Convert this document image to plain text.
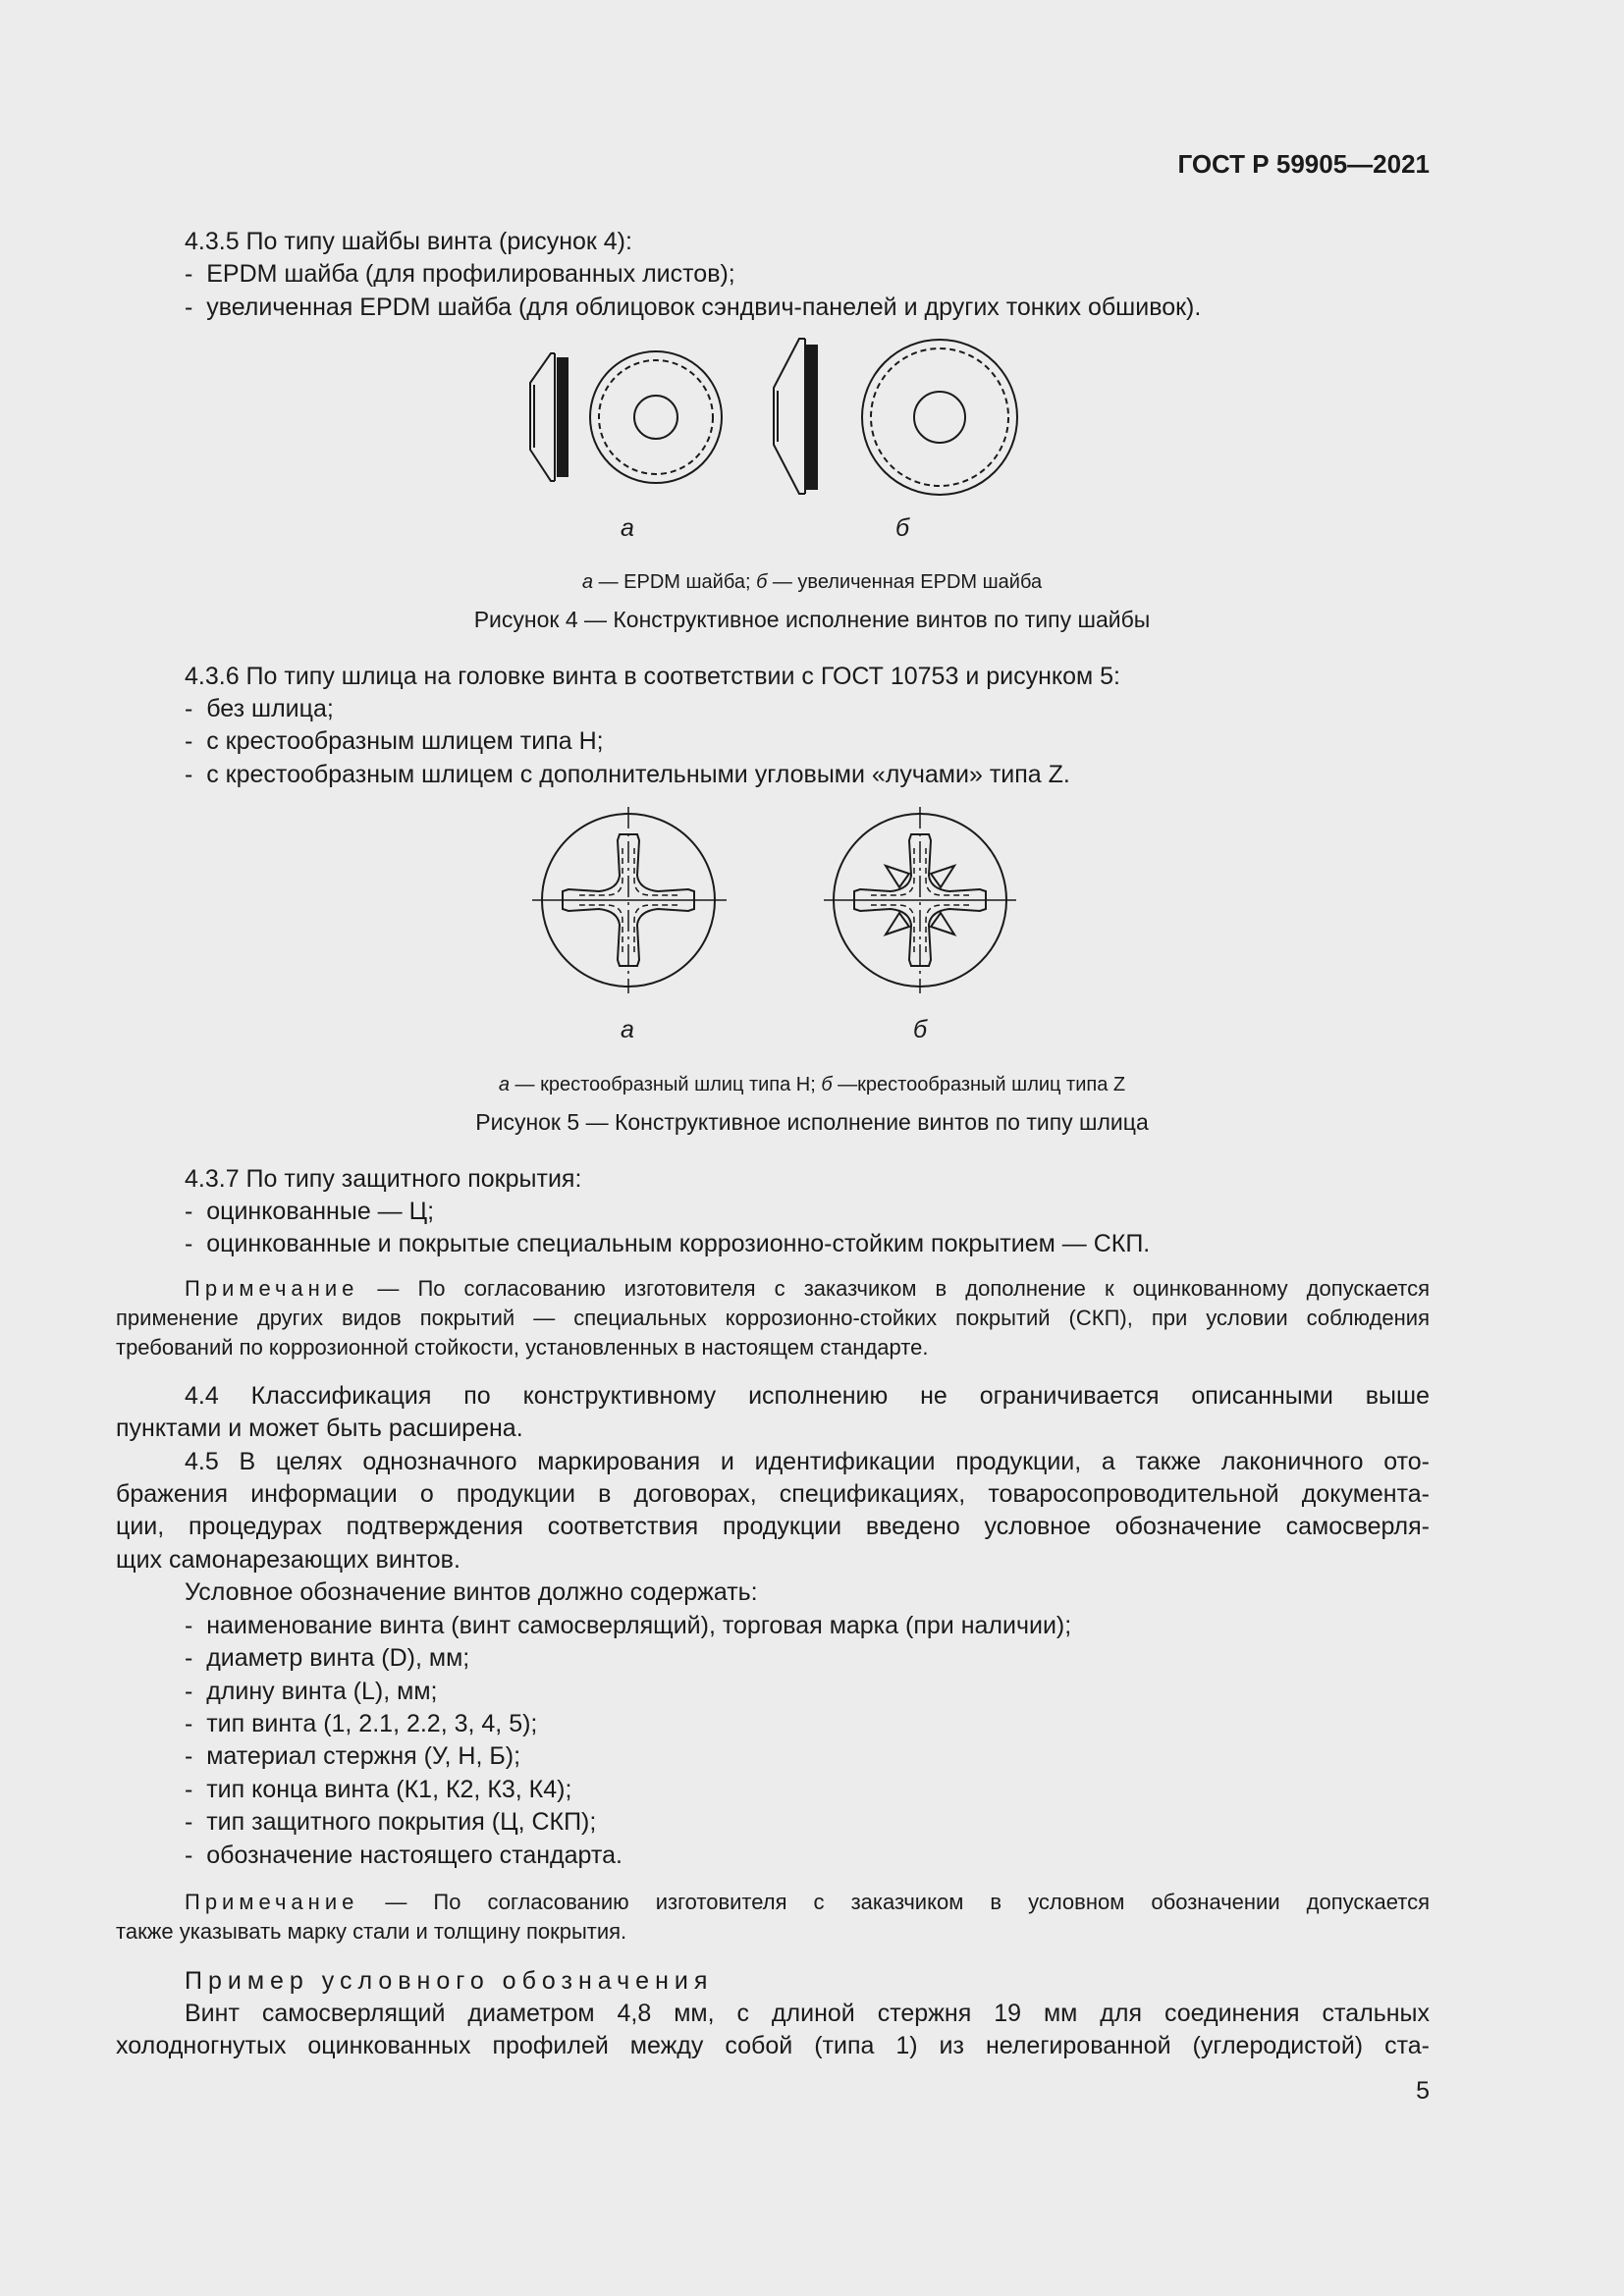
ГОСТ Р 59905—2021
4.3.5 По типу шайбы винта (рисунок 4):
-  EPDM шайба (для профилированных листов);
-  увеличенная EPDM шайба (для облицовок сэндвич-панелей и других тонких обшивок).
а	б
а — EPDM шайба; б — увеличенная EPDM шайба
Рисунок 4 — Конструктивное исполнение винтов по типу шайбы
4.3.6 По типу шлица на головке винта в соответствии с ГОСТ 10753 и рисунком 5:
-  без шлица;
-  с крестообразным шлицем типа Н;
-  с крестообразным шлицем с дополнительными угловыми «лучами» типа Z.
а	б
а — крестообразный шлиц типа Н; б —крестообразный шлиц типа Z
Рисунок 5 — Конструктивное исполнение винтов по типу шлица
4.3.7 По типу защитного покрытия:
-  оцинкованные — Ц;
-  оцинкованные и покрытые специальным коррозионно-стойким покрытием — СКП.
Примечание — По согласованию изготовителя с заказчиком в дополнение к оцинкованному допускается
применение других видов покрытий — специальных коррозионно-стойких покрытий (СКП), при условии соблюдения
требований по коррозионной стойкости, установленных в настоящем стандарте.
4.4 Классификация по конструктивному исполнению не ограничивается описанными выше
пунктами и может быть расширена.
4.5 В целях однозначного маркирования и идентификации продукции, а также лаконичного ото-
бражения информации о продукции в договорах, спецификациях, товаросопроводительной документа-
ции, процедурах подтверждения соответствия продукции введено условное обозначение самосверля-
щих самонарезающих винтов.
Условное обозначение винтов должно содержать:
-  наименование винта (винт самосверлящий), торговая марка (при наличии);
-  диаметр винта (D), мм;
-  длину винта (L), мм;
-  тип винта (1, 2.1, 2.2, 3, 4, 5);
-  материал стержня (У, Н, Б);
-  тип конца винта (К1, К2, К3, К4);
-  тип защитного покрытия (Ц, СКП);
-  обозначение настоящего стандарта.
Примечание — По согласованию изготовителя с заказчиком в условном обозначении допускается
также указывать марку стали и толщину покрытия.
Пример условного обозначения
Винт самосверлящий диаметром 4,8 мм, с длиной стержня 19 мм для соединения стальных
холодногнутых оцинкованных профилей между собой (типа 1) из нелегированной (углеродистой) ста-
5
